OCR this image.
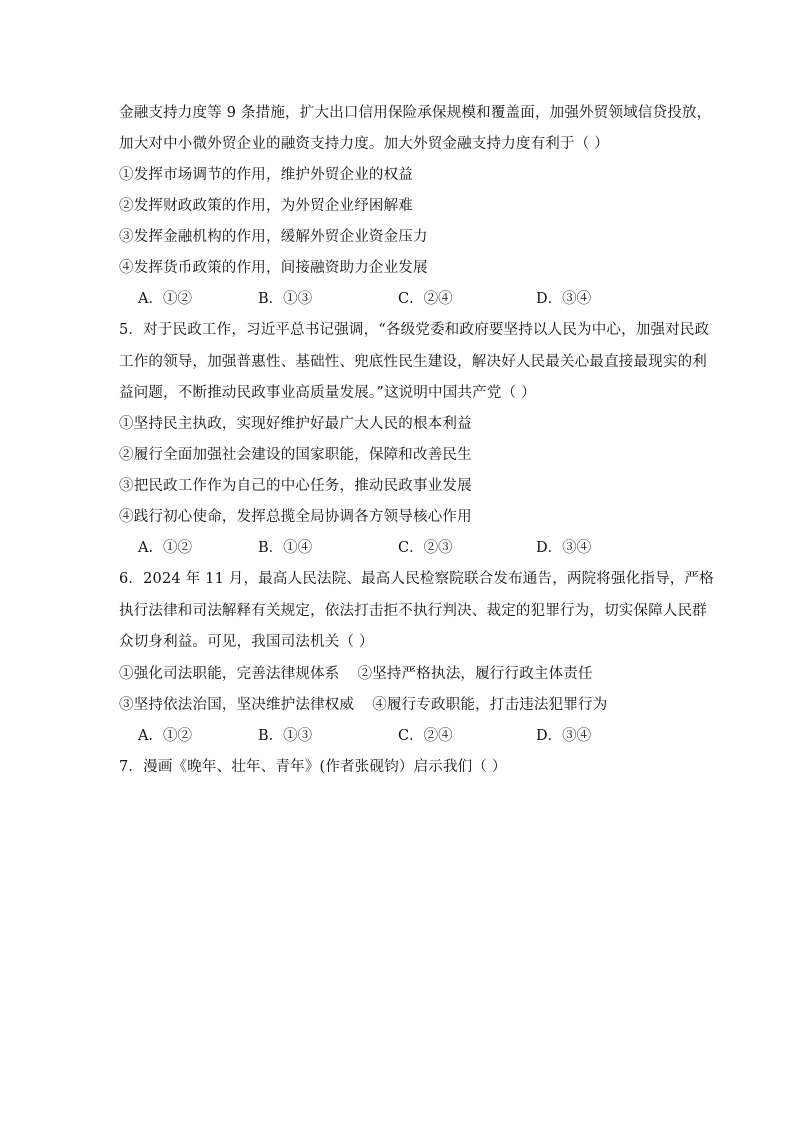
金融支持力度等 9 条措施，扩大出口信用保险承保规模和覆盖面，加强外贸领域信贷投放，
加大对中小微外贸企业的融资支持力度。加大外贸金融支持力度有利于（ ）
①发挥市场调节的作用，维护外贸企业的权益
②发挥财政政策的作用，为外贸企业纾困解难
③发挥金融机构的作用，缓解外贸企业资金压力
④发挥货币政策的作用，间接融资助力企业发展
A．①②	B．①③	C．②④	D．③④
5．对于民政工作，习近平总书记强调，“各级党委和政府要坚持以人民为中心，加强对民政
工作的领导，加强普惠性、基础性、兜底性民生建设，解决好人民最关心最直接最现实的利
益问题，不断推动民政事业高质量发展。”这说明中国共产党（ ）
①坚持民主执政，实现好维护好最广大人民的根本利益
②履行全面加强社会建设的国家职能，保障和改善民生
③把民政工作作为自己的中心任务，推动民政事业发展
④践行初心使命，发挥总揽全局协调各方领导核心作用
A．①②	B．①④	C．②③	D．③④
6．2024 年 11 月，最高人民法院、最高人民检察院联合发布通告，两院将强化指导，严格
执行法律和司法解释有关规定，依法打击拒不执行判决、裁定的犯罪行为，切实保障人民群
众切身利益。可见，我国司法机关（ ）
①强化司法职能，完善法律规体系 ②坚持严格执法，履行行政主体责任
③坚持依法治国，坚决维护法律权威 ④履行专政职能，打击违法犯罪行为
A．①②	B．①③	C．②④	D．③④
7．漫画《晚年、壮年、青年》(作者张砚钧）启示我们（ ）
